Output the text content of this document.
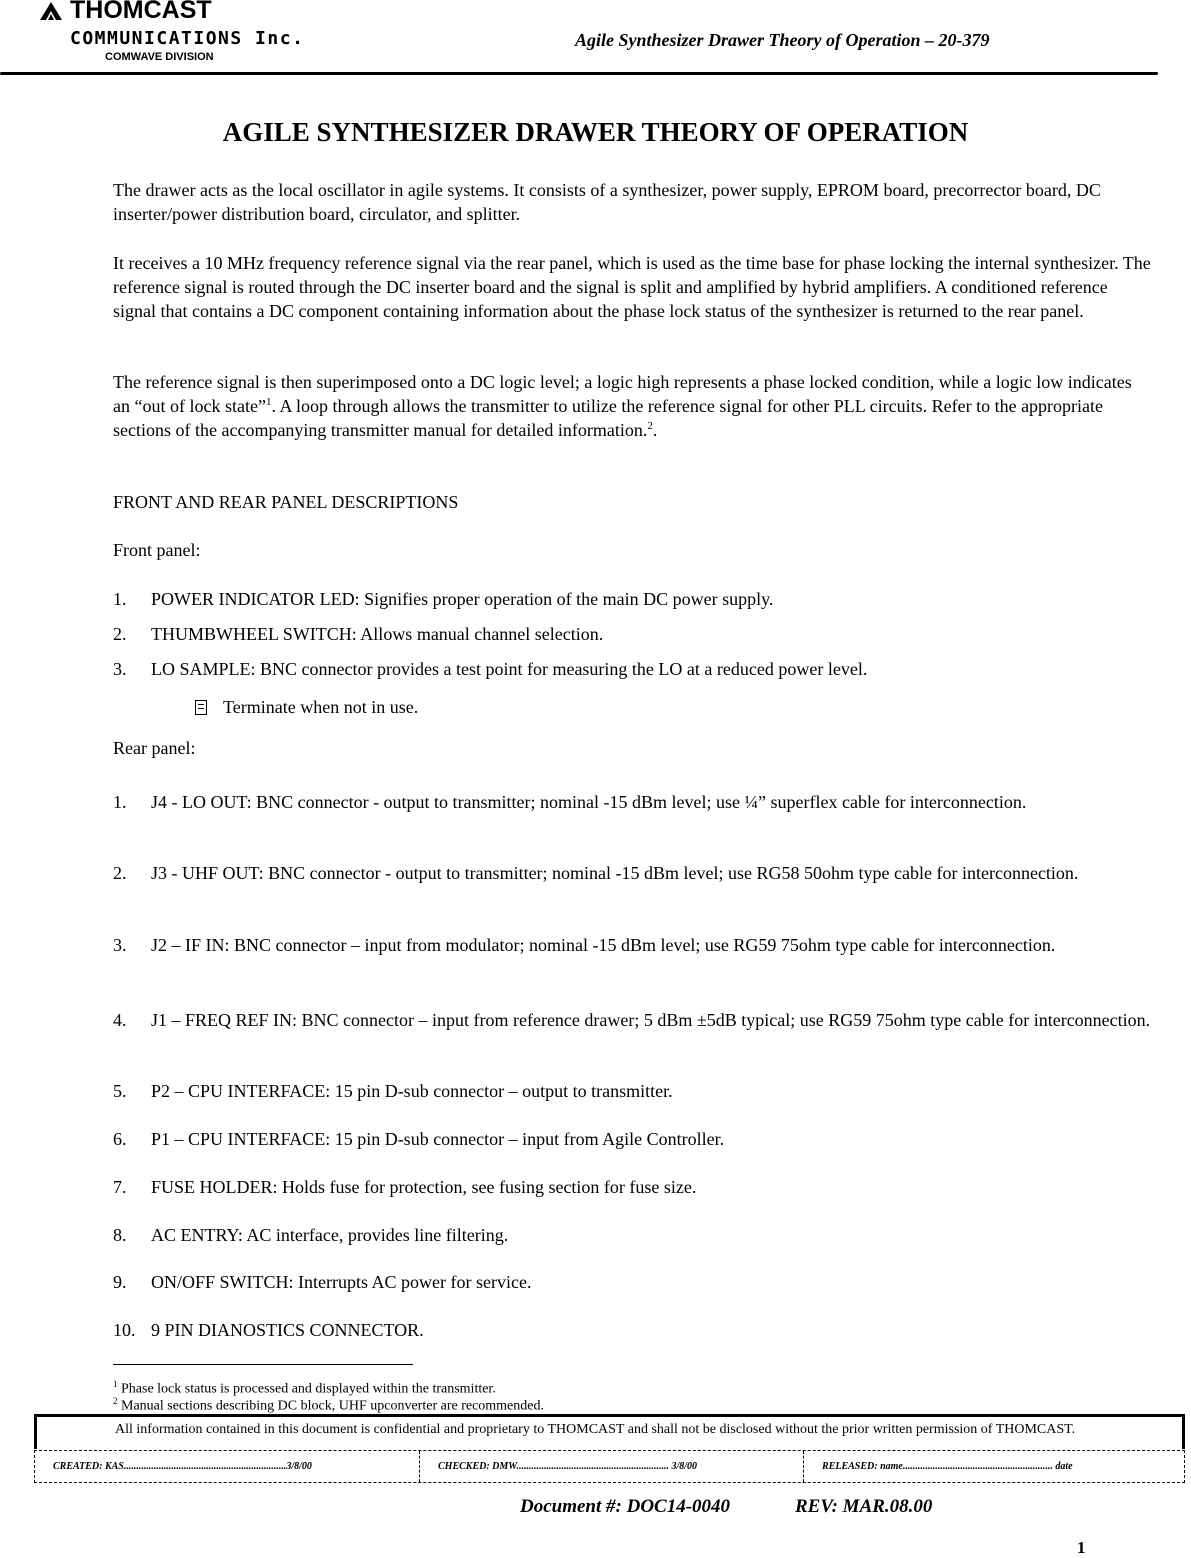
THOMCAST
COMMUNICATIONS Inc.
COMWAVE DIVISION
Agile Synthesizer Drawer Theory of Operation – 20-379
AGILE SYNTHESIZER DRAWER THEORY OF OPERATION
The drawer acts as the local oscillator in agile systems. It consists of a synthesizer, power supply, EPROM board, precorrector board, DC inserter/power distribution board, circulator, and splitter.
It receives a 10 MHz frequency reference signal via the rear panel, which is used as the time base for phase locking the internal synthesizer. The reference signal is routed through the DC inserter board and the signal is split and amplified by hybrid amplifiers. A conditioned reference signal that contains a DC component containing information about the phase lock status of the synthesizer is returned to the rear panel.
The reference signal is then superimposed onto a DC logic level; a logic high represents a phase locked condition, while a logic low indicates an “out of lock state”$^1$. A loop through allows the transmitter to utilize the reference signal for other PLL circuits. Refer to the appropriate sections of the accompanying transmitter manual for detailed information.$^2$.
FRONT AND REAR PANEL DESCRIPTIONS
Front panel:
1. POWER INDICATOR LED: Signifies proper operation of the main DC power supply.
2. THUMBWHEEL SWITCH: Allows manual channel selection.
3. LO SAMPLE: BNC connector provides a test point for measuring the LO at a reduced power level.
Terminate when not in use.
Rear panel:
1. J4 - LO OUT: BNC connector - output to transmitter; nominal -15 dBm level; use ¼” superflex cable for interconnection.
2. J3 - UHF OUT: BNC connector - output to transmitter; nominal -15 dBm level; use RG58 50ohm type cable for interconnection.
3. J2 – IF IN: BNC connector – input from modulator; nominal -15 dBm level; use RG59 75ohm type cable for interconnection.
4. J1 – FREQ REF IN: BNC connector – input from reference drawer; 5 dBm ±5dB typical; use RG59 75ohm type cable for interconnection.
5. P2 – CPU INTERFACE: 15 pin D-sub connector – output to transmitter.
6. P1 – CPU INTERFACE: 15 pin D-sub connector – input from Agile Controller.
7. FUSE HOLDER: Holds fuse for protection, see fusing section for fuse size.
8. AC ENTRY: AC interface, provides line filtering.
9. ON/OFF SWITCH: Interrupts AC power for service.
10. 9 PIN DIANOSTICS CONNECTOR.
$^1$ Phase lock status is processed and displayed within the transmitter.
$^2$ Manual sections describing DC block, UHF upconverter are recommended.
All information contained in this document is confidential and proprietary to THOMCAST and shall not be disclosed without the prior written permission of THOMCAST.
CREATED: KAS.................................................................3/8/00	CHECKED: DMW............................................................. 3/8/00	RELEASED: name............................................................ date
Document #: DOC14-0040	REV: MAR.08.00
1
